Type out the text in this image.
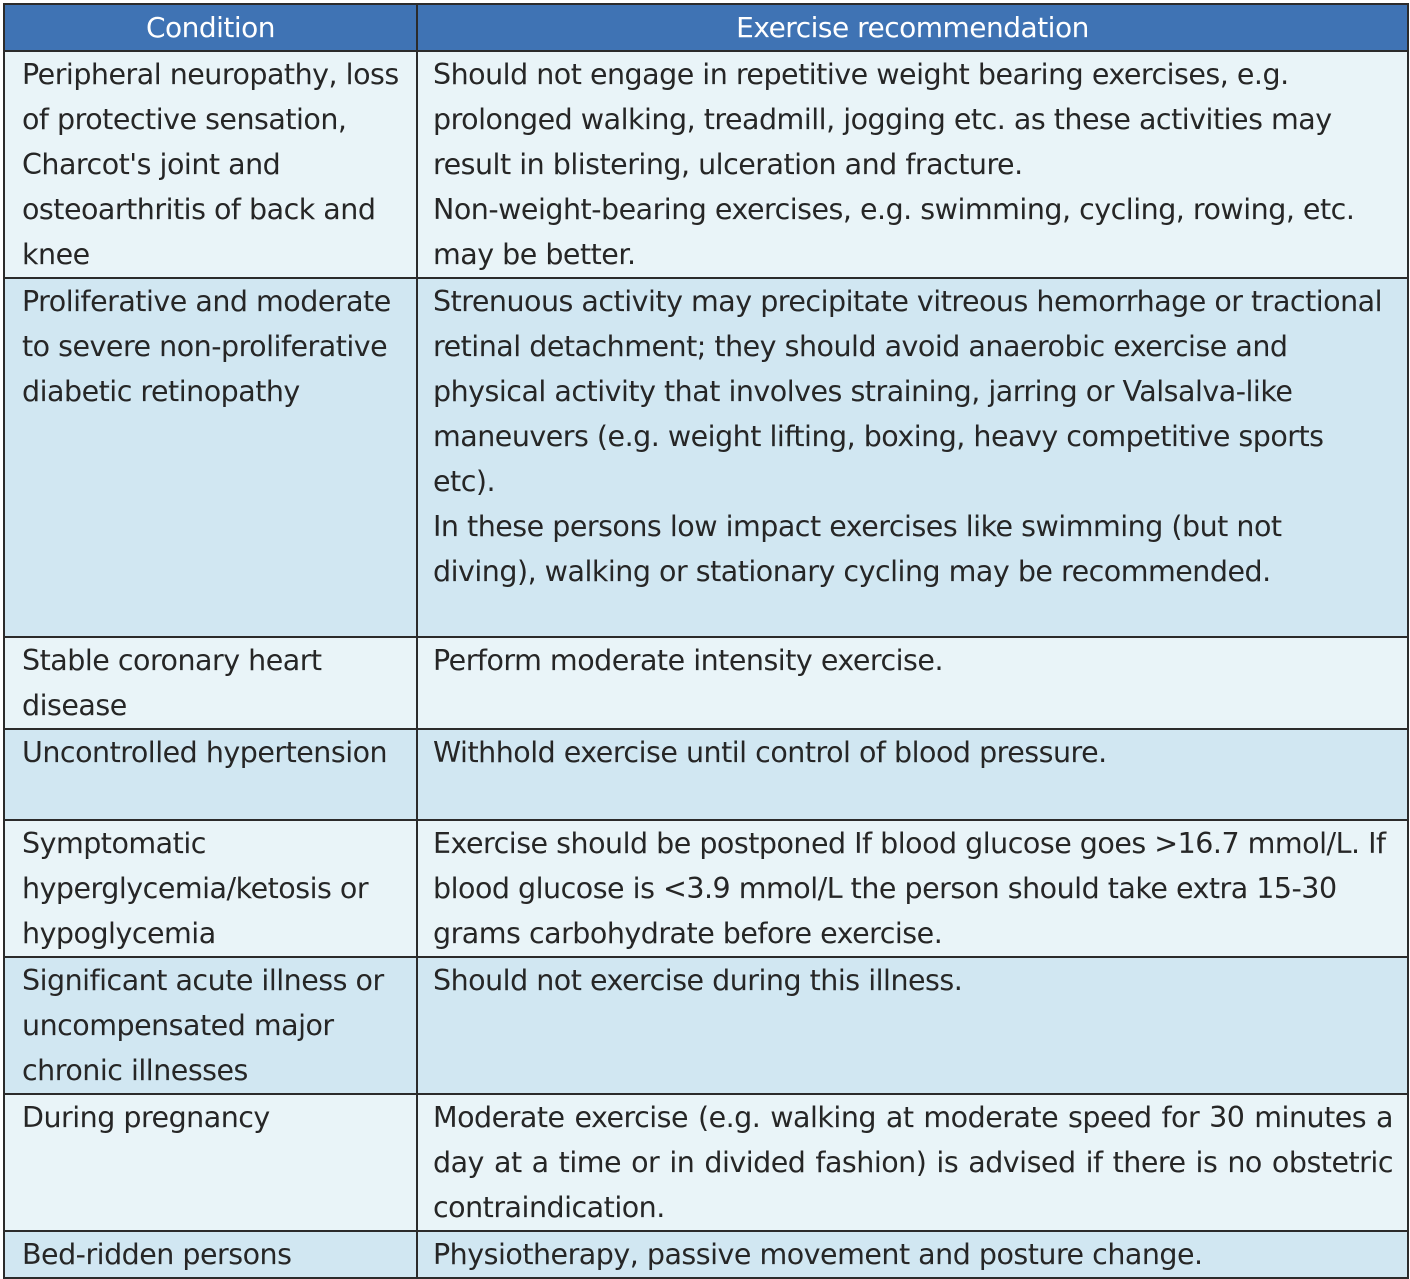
Condition	Exercise recommendation
Peripheral neuropathy, loss of protective sensation, Charcot's joint and osteoarthritis of back and knee	Should not engage in repetitive weight bearing exercises, e.g. prolonged walking, treadmill, jogging etc. as these activities may result in blistering, ulceration and fracture.
Non-weight-bearing exercises, e.g. swimming, cycling, rowing, etc. may be better.

Proliferative and moderate to severe non-proliferative diabetic retinopathy	Strenuous activity may precipitate vitreous hemorrhage or tractional retinal detachment; they should avoid anaerobic exercise and physical activity that involves straining, jarring or Valsalva-like maneuvers (e.g. weight lifting, boxing, heavy competitive sports etc).
In these persons low impact exercises like swimming (but not diving), walking or stationary cycling may be recommended.

Stable coronary heart disease	Perform moderate intensity exercise.

Uncontrolled hypertension	Withhold exercise until control of blood pressure.

Symptomatic hyperglycemia/ketosis or hypoglycemia	Exercise should be postponed If blood glucose goes >16.7 mmol/L. If blood glucose is <3.9 mmol/L the person should take extra 15-30 grams carbohydrate before exercise.

Significant acute illness or uncompensated major chronic illnesses	Should not exercise during this illness.

During pregnancy	Moderate exercise (e.g. walking at moderate speed for 30 minutes a day at a time or in divided fashion) is advised if there is no obstetric contraindication.

Bed-ridden persons	Physiotherapy, passive movement and posture change.
